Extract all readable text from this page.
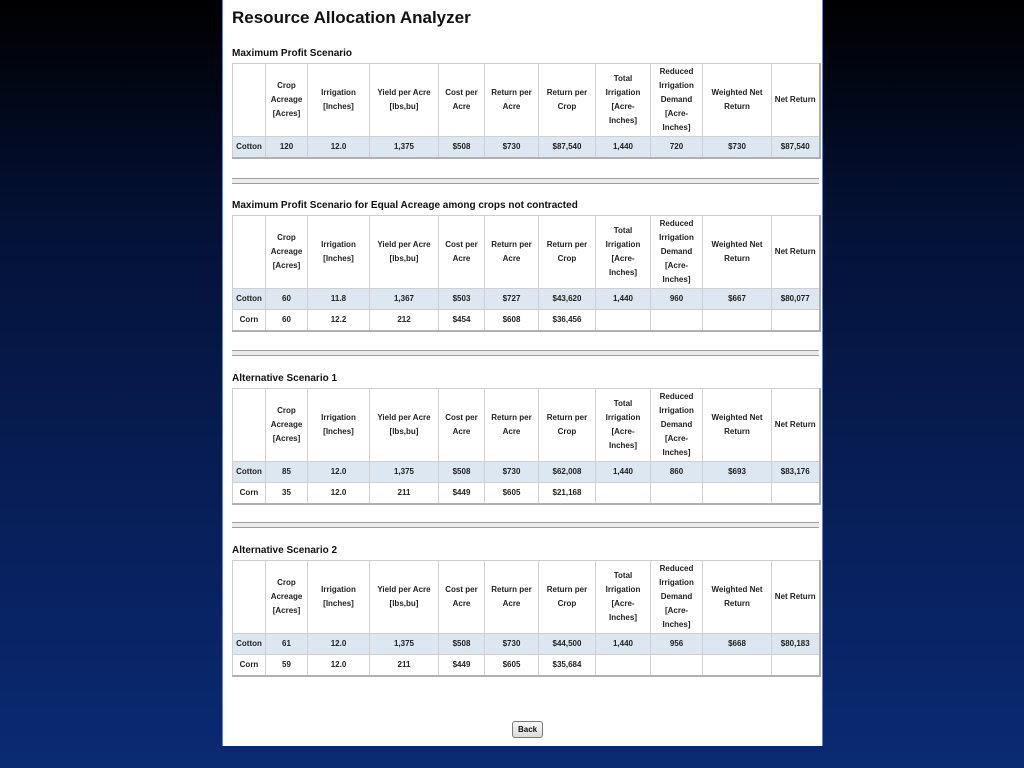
Resource Allocation Analyzer
Maximum Profit Scenario
	Crop Acreage [Acres]	Irrigation [Inches]	Yield per Acre [lbs,bu]	Cost per Acre	Return per Acre	Return per Crop	Total Irrigation [Acre-Inches]	Reduced Irrigation Demand [Acre-Inches]	Weighted Net Return	Net Return
Cotton	120	12.0	1,375	$508	$730	$87,540	1,440	720	$730	$87,540
Maximum Profit Scenario for Equal Acreage among crops not contracted
	Crop Acreage [Acres]	Irrigation [Inches]	Yield per Acre [lbs,bu]	Cost per Acre	Return per Acre	Return per Crop	Total Irrigation [Acre-Inches]	Reduced Irrigation Demand [Acre-Inches]	Weighted Net Return	Net Return
Cotton	60	11.8	1,367	$503	$727	$43,620	1,440	960	$667	$80,077
Corn	60	12.2	212	$454	$608	$36,456				
Alternative Scenario 1
	Crop Acreage [Acres]	Irrigation [Inches]	Yield per Acre [lbs,bu]	Cost per Acre	Return per Acre	Return per Crop	Total Irrigation [Acre-Inches]	Reduced Irrigation Demand [Acre-Inches]	Weighted Net Return	Net Return
Cotton	85	12.0	1,375	$508	$730	$62,008	1,440	860	$693	$83,176
Corn	35	12.0	211	$449	$605	$21,168				
Alternative Scenario 2
	Crop Acreage [Acres]	Irrigation [Inches]	Yield per Acre [lbs,bu]	Cost per Acre	Return per Acre	Return per Crop	Total Irrigation [Acre-Inches]	Reduced Irrigation Demand [Acre-Inches]	Weighted Net Return	Net Return
Cotton	61	12.0	1,375	$508	$730	$44,500	1,440	956	$668	$80,183
Corn	59	12.0	211	$449	$605	$35,684				
Back
